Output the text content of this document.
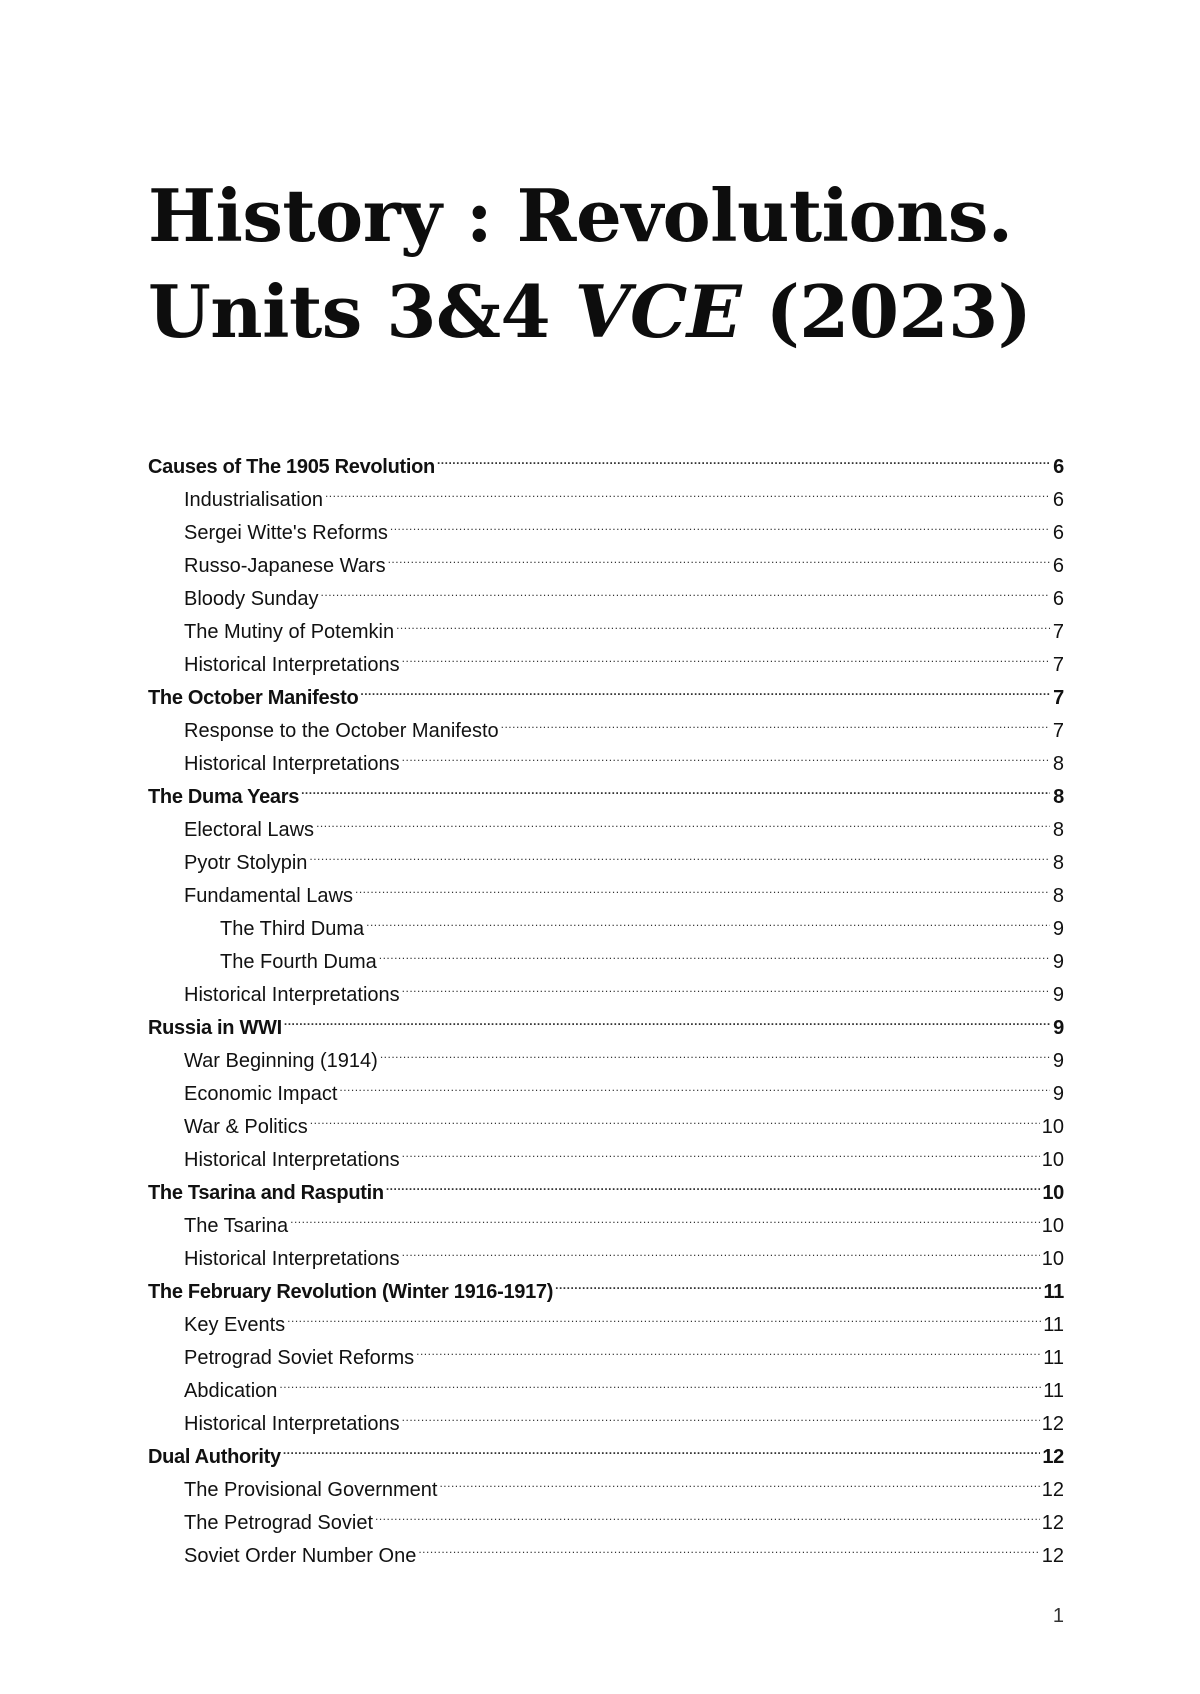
History : Revolutions.
Units 3&4 VCE (2023)
Causes of The 1905 Revolution .....	6
Industrialisation .....	6
Sergei Witte's Reforms .....	6
Russo-Japanese Wars .....	6
Bloody Sunday .....	6
The Mutiny of Potemkin .....	7
Historical Interpretations .....	7
The October Manifesto .....	7
Response to the October Manifesto .....	7
Historical Interpretations .....	8
The Duma Years .....	8
Electoral Laws .....	8
Pyotr Stolypin .....	8
Fundamental Laws .....	8
The Third Duma .....	9
The Fourth Duma .....	9
Historical Interpretations .....	9
Russia in WWI .....	9
War Beginning (1914) .....	9
Economic Impact .....	9
War & Politics .....	10
Historical Interpretations .....	10
The Tsarina and Rasputin .....	10
The Tsarina .....	10
Historical Interpretations .....	10
The February Revolution (Winter 1916-1917) .....	11
Key Events .....	11
Petrograd Soviet Reforms .....	11
Abdication .....	11
Historical Interpretations .....	12
Dual Authority .....	12
The Provisional Government .....	12
The Petrograd Soviet .....	12
Soviet Order Number One .....	12

1
